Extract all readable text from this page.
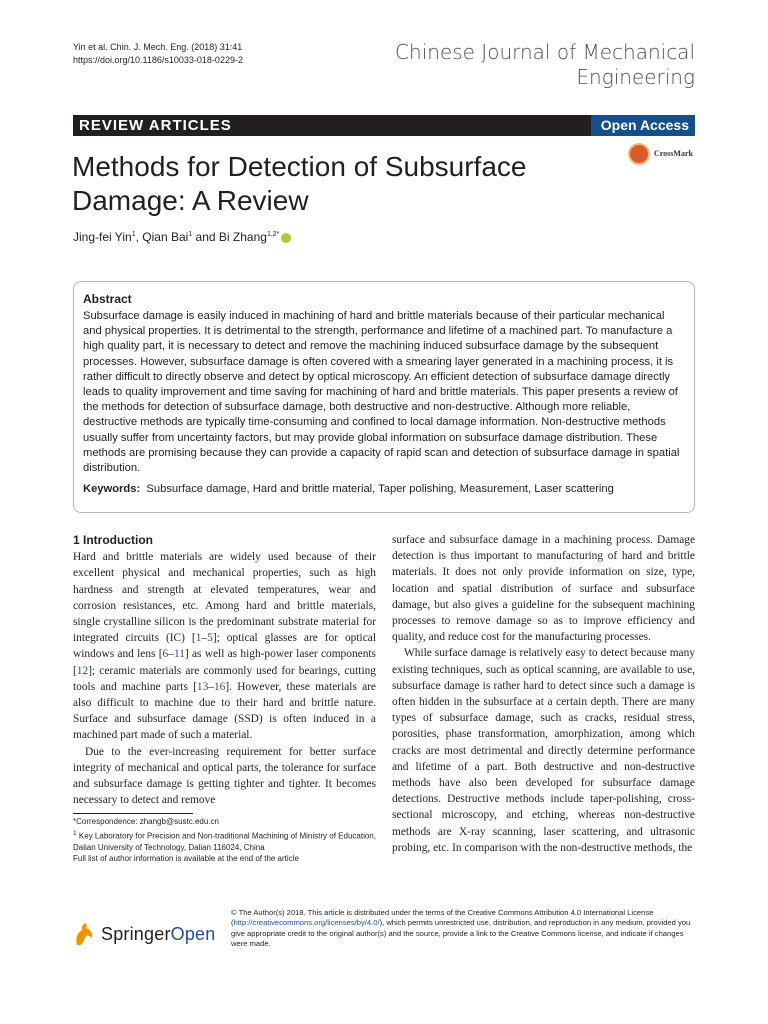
Yin et al. Chin. J. Mech. Eng. (2018) 31:41
https://doi.org/10.1186/s10033-018-0229-2	Chinese Journal of Mechanical
Engineering
REVIEW ARTICLES	Open Access
Methods for Detection of Subsurface
Damage: A Review
CrossMark
Jing-fei Yin$^1$, Qian Bai$^1$ and Bi Zhang$^{1,2*}$
Abstract
Subsurface damage is easily induced in machining of hard and brittle materials because of their particular mechanical and physical properties. It is detrimental to the strength, performance and lifetime of a machined part. To manufacture a high quality part, it is necessary to detect and remove the machining induced subsurface damage by the subsequent processes. However, subsurface damage is often covered with a smearing layer generated in a machining process, it is rather difficult to directly observe and detect by optical microscopy. An efficient detection of subsurface damage directly leads to quality improvement and time saving for machining of hard and brittle materials. This paper presents a review of the methods for detection of subsurface damage, both destructive and non-destructive. Although more reliable, destructive methods are typically time-consuming and confined to local damage information. Non-destructive methods usually suffer from uncertainty factors, but may provide global information on subsurface damage distribution. These methods are promising because they can provide a capacity of rapid scan and detection of subsurface damage in spatial distribution.
Keywords: Subsurface damage, Hard and brittle material, Taper polishing, Measurement, Laser scattering
1 Introduction

Hard and brittle materials are widely used because of their excellent physical and mechanical properties, such as high hardness and strength at elevated temperatures, wear and corrosion resistances, etc. Among hard and brittle materials, single crystalline silicon is the predominant substrate material for integrated circuits (IC) [1–5]; optical glasses are for optical windows and lens [6–11] as well as high-power laser components [12]; ceramic materials are commonly used for bearings, cutting tools and machine parts [13–16]. However, these materials are also difficult to machine due to their hard and brittle nature. Surface and subsurface damage (SSD) is often induced in a machined part made of such a material.

Due to the ever-increasing requirement for better surface integrity of mechanical and optical parts, the tolerance for surface and subsurface damage is getting tighter and tighter. It becomes necessary to detect and remove

surface and subsurface damage in a machining process. Damage detection is thus important to manufacturing of hard and brittle materials. It does not only provide information on size, type, location and spatial distribution of surface and subsurface damage, but also gives a guideline for the subsequent machining processes to remove damage so as to improve efficiency and quality, and reduce cost for the manufacturing processes.

While surface damage is relatively easy to detect because many existing techniques, such as optical scanning, are available to use, subsurface damage is rather hard to detect since such a damage is often hidden in the subsurface at a certain depth. There are many types of subsurface damage, such as cracks, residual stress, porosities, phase transformation, amorphization, among which cracks are most detrimental and directly determine performance and lifetime of a part. Both destructive and non-destructive methods have also been developed for subsurface damage detections. Destructive methods include taper-polishing, cross-sectional microscopy, and etching, whereas non-destructive methods are X-ray scanning, laser scattering, and ultrasonic probing, etc. In comparison with the non-destructive methods, the

*Correspondence: zhangb@sustc.edu.cn
$^1$ Key Laboratory for Precision and Non-traditional Machining of Ministry of Education, Dalian University of Technology, Dalian 116024, China
Full list of author information is available at the end of the article
SpringerOpen
© The Author(s) 2018. This article is distributed under the terms of the Creative Commons Attribution 4.0 International License (http://creativecommons.org/licenses/by/4.0/), which permits unrestricted use, distribution, and reproduction in any medium, provided you give appropriate credit to the original author(s) and the source, provide a link to the Creative Commons license, and indicate if changes were made.
